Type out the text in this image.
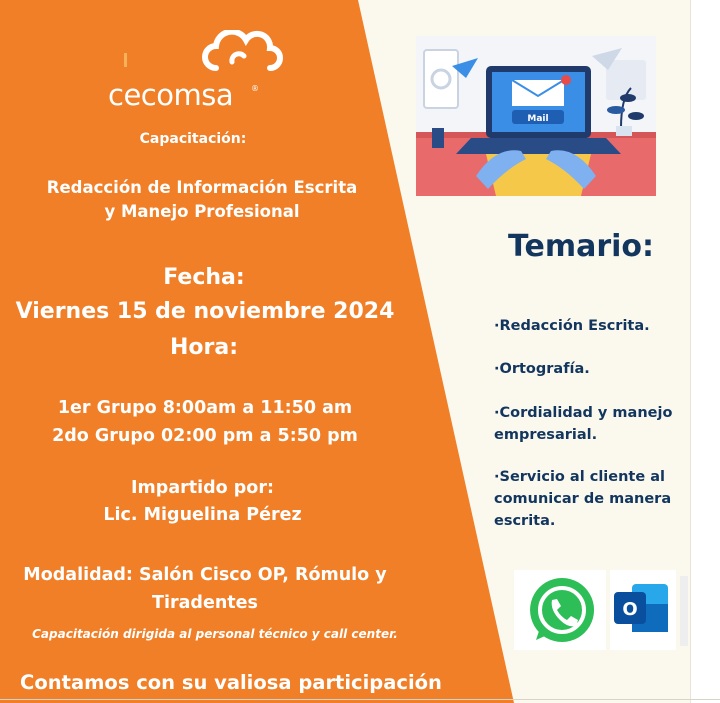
Mail
Temario:
·Redacción Escrita.
·Ortografía.
·Cordialidad y manejo
empresarial.
·Servicio al cliente al
comunicar de manera
escrita.
O
cecomsa ®
Capacitación:
Redacción de Información Escrita
y Manejo Profesional
Fecha:
Viernes 15 de noviembre 2024
Hora:
1er Grupo 8:00am a 11:50 am
2do Grupo 02:00 pm a 5:50 pm
Impartido por:
Lic. Miguelina Pérez
Modalidad: Salón Cisco OP, Rómulo y
Tiradentes
Capacitación dirigida al personal técnico y call center.
Contamos con su valiosa participación
